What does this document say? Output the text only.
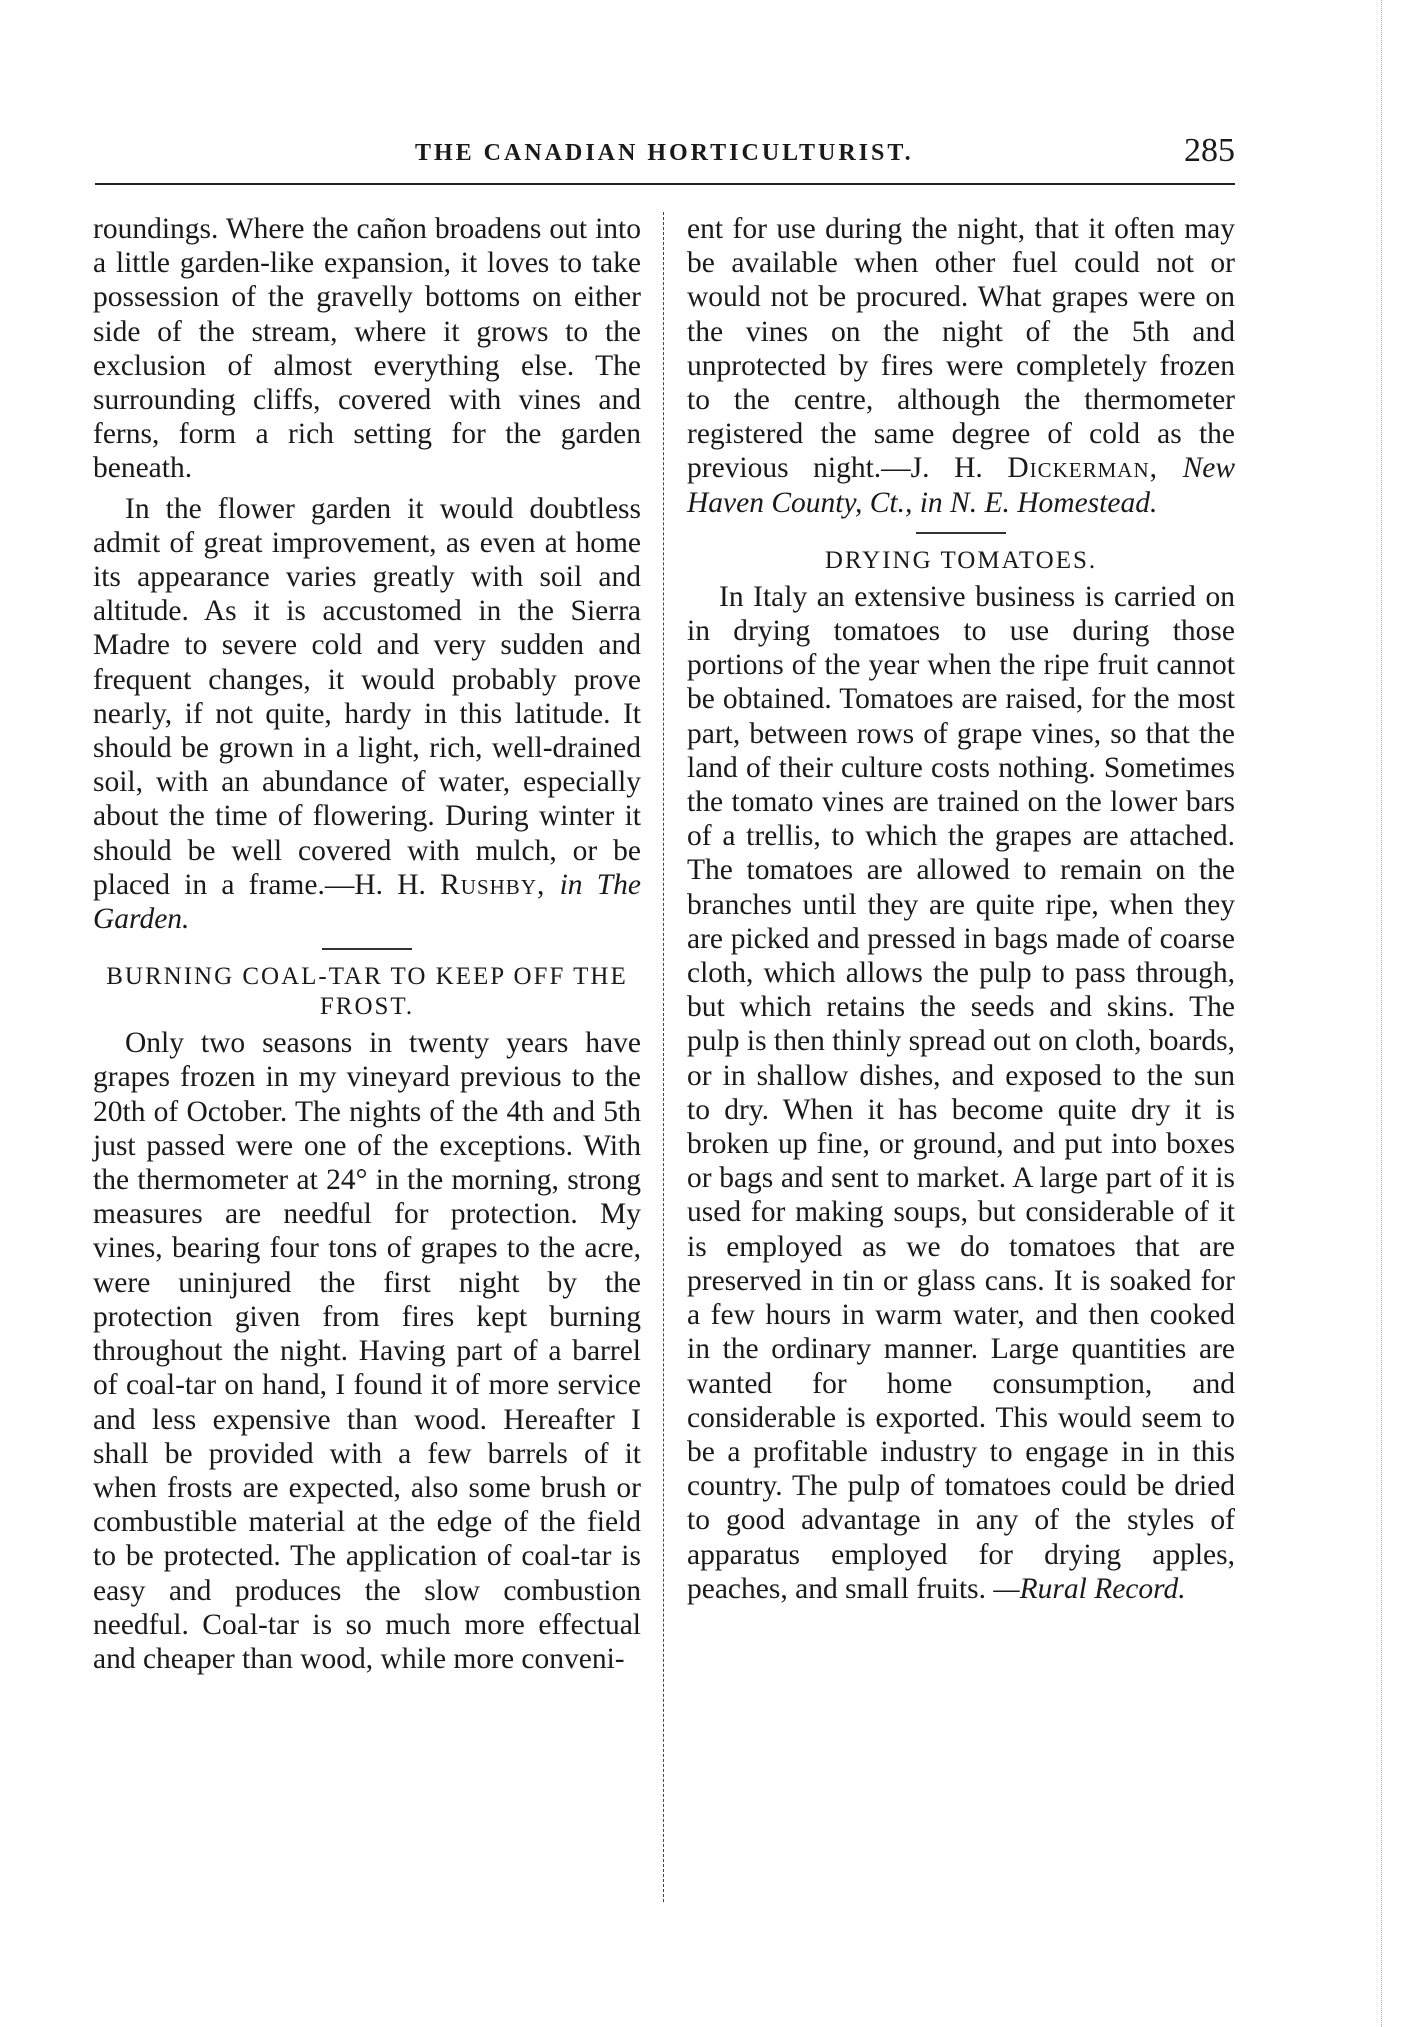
THE CANADIAN HORTICULTURIST.	285

roundings. Where the cañon broadens out into a little garden-like expansion, it loves to take possession of the gravelly bottoms on either side of the stream, where it grows to the exclusion of almost everything else. The surrounding cliffs, covered with vines and ferns, form a rich setting for the garden beneath.

In the flower garden it would doubtless admit of great improvement, as even at home its appearance varies greatly with soil and altitude. As it is accustomed in the Sierra Madre to severe cold and very sudden and frequent changes, it would probably prove nearly, if not quite, hardy in this latitude. It should be grown in a light, rich, well-drained soil, with an abundance of water, especially about the time of flowering. During winter it should be well covered with mulch, or be placed in a frame.—H. H. Rushby, in The Garden.

BURNING COAL-TAR TO KEEP OFF THE FROST.

Only two seasons in twenty years have grapes frozen in my vineyard previous to the 20th of October. The nights of the 4th and 5th just passed were one of the exceptions. With the thermometer at 24° in the morning, strong measures are needful for protection. My vines, bearing four tons of grapes to the acre, were uninjured the first night by the protection given from fires kept burning throughout the night. Having part of a barrel of coal-tar on hand, I found it of more service and less expensive than wood. Hereafter I shall be provided with a few barrels of it when frosts are expected, also some brush or combustible material at the edge of the field to be protected. The application of coal-tar is easy and produces the slow combustion needful. Coal-tar is so much more effectual and cheaper than wood, while more conveni-

ent for use during the night, that it often may be available when other fuel could not or would not be procured. What grapes were on the vines on the night of the 5th and unprotected by fires were completely frozen to the centre, although the thermometer registered the same degree of cold as the previous night.—J. H. Dickerman, New Haven County, Ct., in N. E. Homestead.

DRYING TOMATOES.

In Italy an extensive business is carried on in drying tomatoes to use during those portions of the year when the ripe fruit cannot be obtained. Tomatoes are raised, for the most part, between rows of grape vines, so that the land of their culture costs nothing. Sometimes the tomato vines are trained on the lower bars of a trellis, to which the grapes are attached. The tomatoes are allowed to remain on the branches until they are quite ripe, when they are picked and pressed in bags made of coarse cloth, which allows the pulp to pass through, but which retains the seeds and skins. The pulp is then thinly spread out on cloth, boards, or in shallow dishes, and exposed to the sun to dry. When it has become quite dry it is broken up fine, or ground, and put into boxes or bags and sent to market. A large part of it is used for making soups, but considerable of it is employed as we do tomatoes that are preserved in tin or glass cans. It is soaked for a few hours in warm water, and then cooked in the ordinary manner. Large quantities are wanted for home consumption, and considerable is exported. This would seem to be a profitable industry to engage in in this country. The pulp of tomatoes could be dried to good advantage in any of the styles of apparatus employed for drying apples, peaches, and small fruits. —Rural Record.
